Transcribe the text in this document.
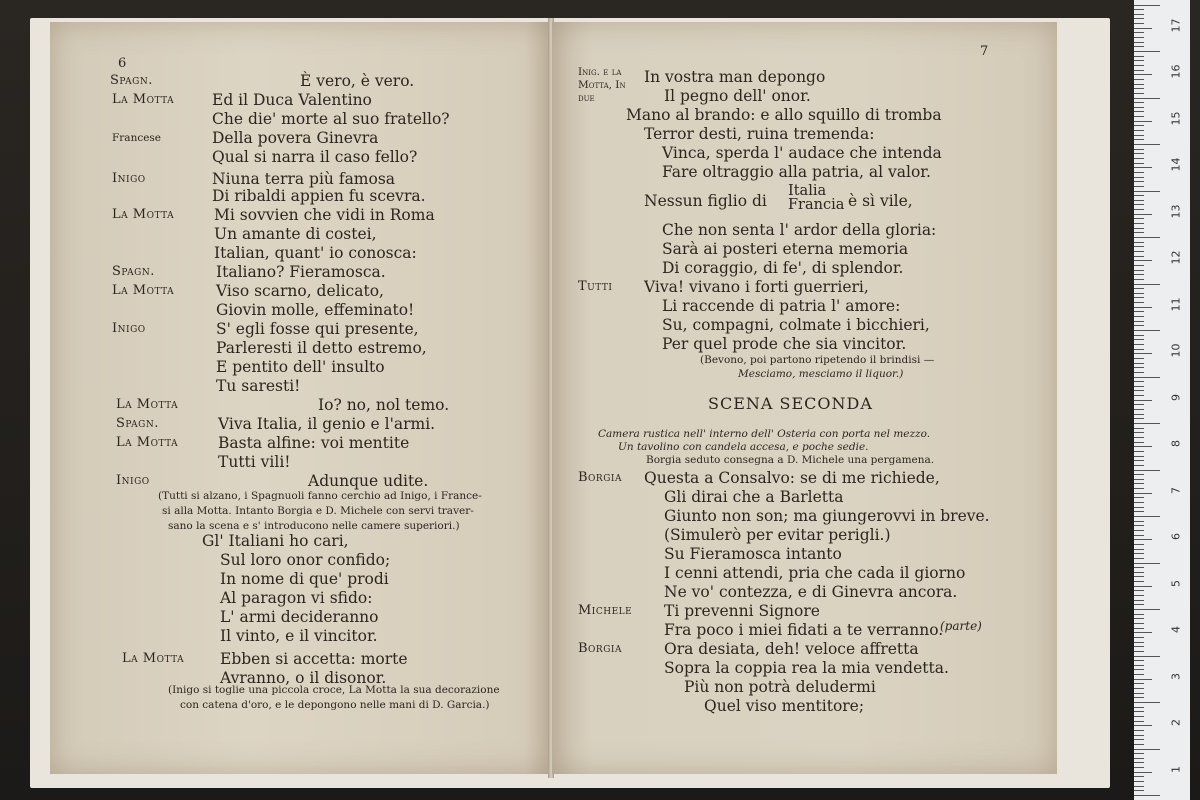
6
Spagn.	È vero, è vero.
La Motta Ed il Duca Valentino
Che die' morte al suo fratello?
Francese	Della povera Ginevra
Qual si narra il caso fello?
Inigo	Niuna terra più famosa
Di ribaldi appien fu scevra.
La Motta	Mi sovvien che vidi in Roma
Un amante di costei,
Italian, quant' io conosca:
Spagn.	Italiano? Fieramosca.
La Motta	Viso scarno, delicato,
Giovin molle, effeminato!
Inigo	S' egli fosse qui presente,
Parleresti il detto estremo,
E pentito dell' insulto
Tu saresti!
La Motta	Io? no, nol temo.
Spagn.	Viva Italia, il genio e l'armi.
La Motta	Basta alfine: voi mentite
Tutti vili!
Inigo	Adunque udite.
(Tutti si alzano, i Spagnuoli fanno cerchio ad Inigo, i France-
si alla Motta. Intanto Borgia e D. Michele con servi traver-
sano la scena e s' introducono nelle camere superiori.)
Gl' Italiani ho cari,
Sul loro onor confido;
In nome di que' prodi
Al paragon vi sfido:
L' armi decideranno
Il vinto, e il vincitor.
La Motta Ebben si accetta: morte
Avranno, o il disonor.
(Inigo si toglie una piccola croce, La Motta la sua decorazione
con catena d'oro, e le depongono nelle mani di D. Garcia.)
7
Inig. e la
Motta, In
due
In vostra man depongo
Il pegno dell' onor.
Mano al brando: e allo squillo di tromba
Terror desti, ruina tremenda:
Vinca, sperda l' audace che intenda
Fare oltraggio alla patria, al valor.
Nessun figlio di
Italia
Francia è sì vile,
Che non senta l' ardor della gloria:
Sarà ai posteri eterna memoria
Di coraggio, di fe', di splendor.
Tutti Viva! vivano i forti guerrieri,
Li raccende di patria l' amore:
Su, compagni, colmate i bicchieri,
Per quel prode che sia vincitor.
(Bevono, poi partono ripetendo il brindisi —
Mesciamo, mesciamo il liquor.)
SCENA SECONDA
Camera rustica nell' interno dell' Osteria con porta nel mezzo.
Un tavolino con candela accesa, e poche sedie.
Borgia seduto consegna a D. Michele una pergamena.
Borgia Questa a Consalvo: se di me richiede,
Gli dirai che a Barletta
Giunto non son; ma giungerovvi in breve.
(Simulerò per evitar perigli.)
Su Fieramosca intanto
I cenni attendi, pria che cada il giorno
Ne vo' contezza, e di Ginevra ancora.
Michele Ti prevenni Signore
Fra poco i miei fidati a te verranno.
Borgia	Ora desiata, deh! veloce affretta
Sopra la coppia rea la mia vendetta.
Più non potrà deludermi
Quel viso mentitore;
(parte)
17
16
15
14
13
12
11
10
9
8
7
6
5
4
3
2
1
